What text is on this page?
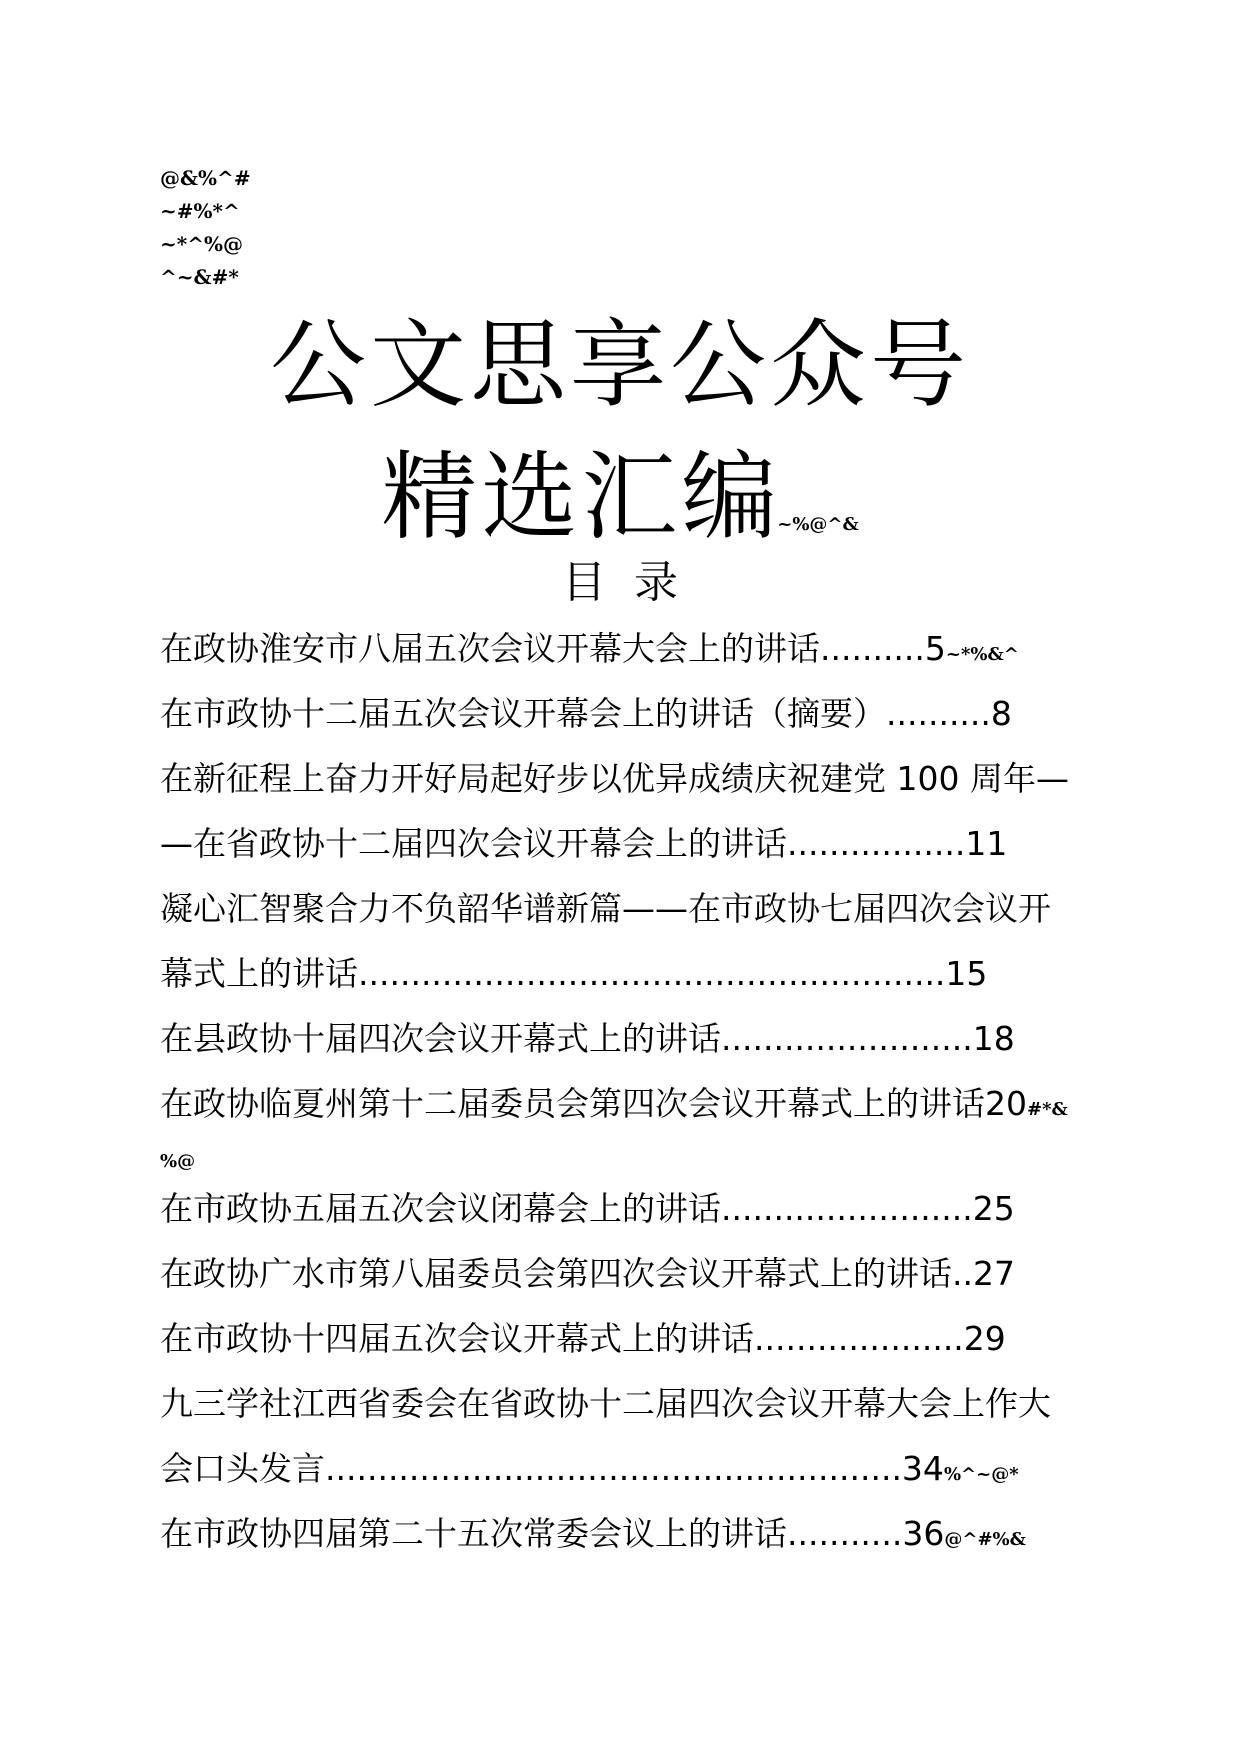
@&%^#
~#%*^
~*^%@
^~&#*
公文思享公众号
精选汇编~%@^&
目录
在政协淮安市八届五次会议开幕大会上的讲话..........5~*%&^
在市政协十二届五次会议开幕会上的讲话（摘要）..........8
在新征程上奋力开好局起好步以优异成绩庆祝建党 100 周年—
—在省政协十二届四次会议开幕会上的讲话.................11
凝心汇智聚合力不负韶华谱新篇——在市政协七届四次会议开
幕式上的讲话........................................................15
在县政协十届四次会议开幕式上的讲话........................18
在政协临夏州第十二届委员会第四次会议开幕式上的讲话20#*&
%@
在市政协五届五次会议闭幕会上的讲话........................25
在政协广水市第八届委员会第四次会议开幕式上的讲话..27
在市政协十四届五次会议开幕式上的讲话....................29
九三学社江西省委会在省政协十二届四次会议开幕大会上作大
会口头发言.......................................................34%^~@*
在市政协四届第二十五次常委会议上的讲话...........36@^#%&
